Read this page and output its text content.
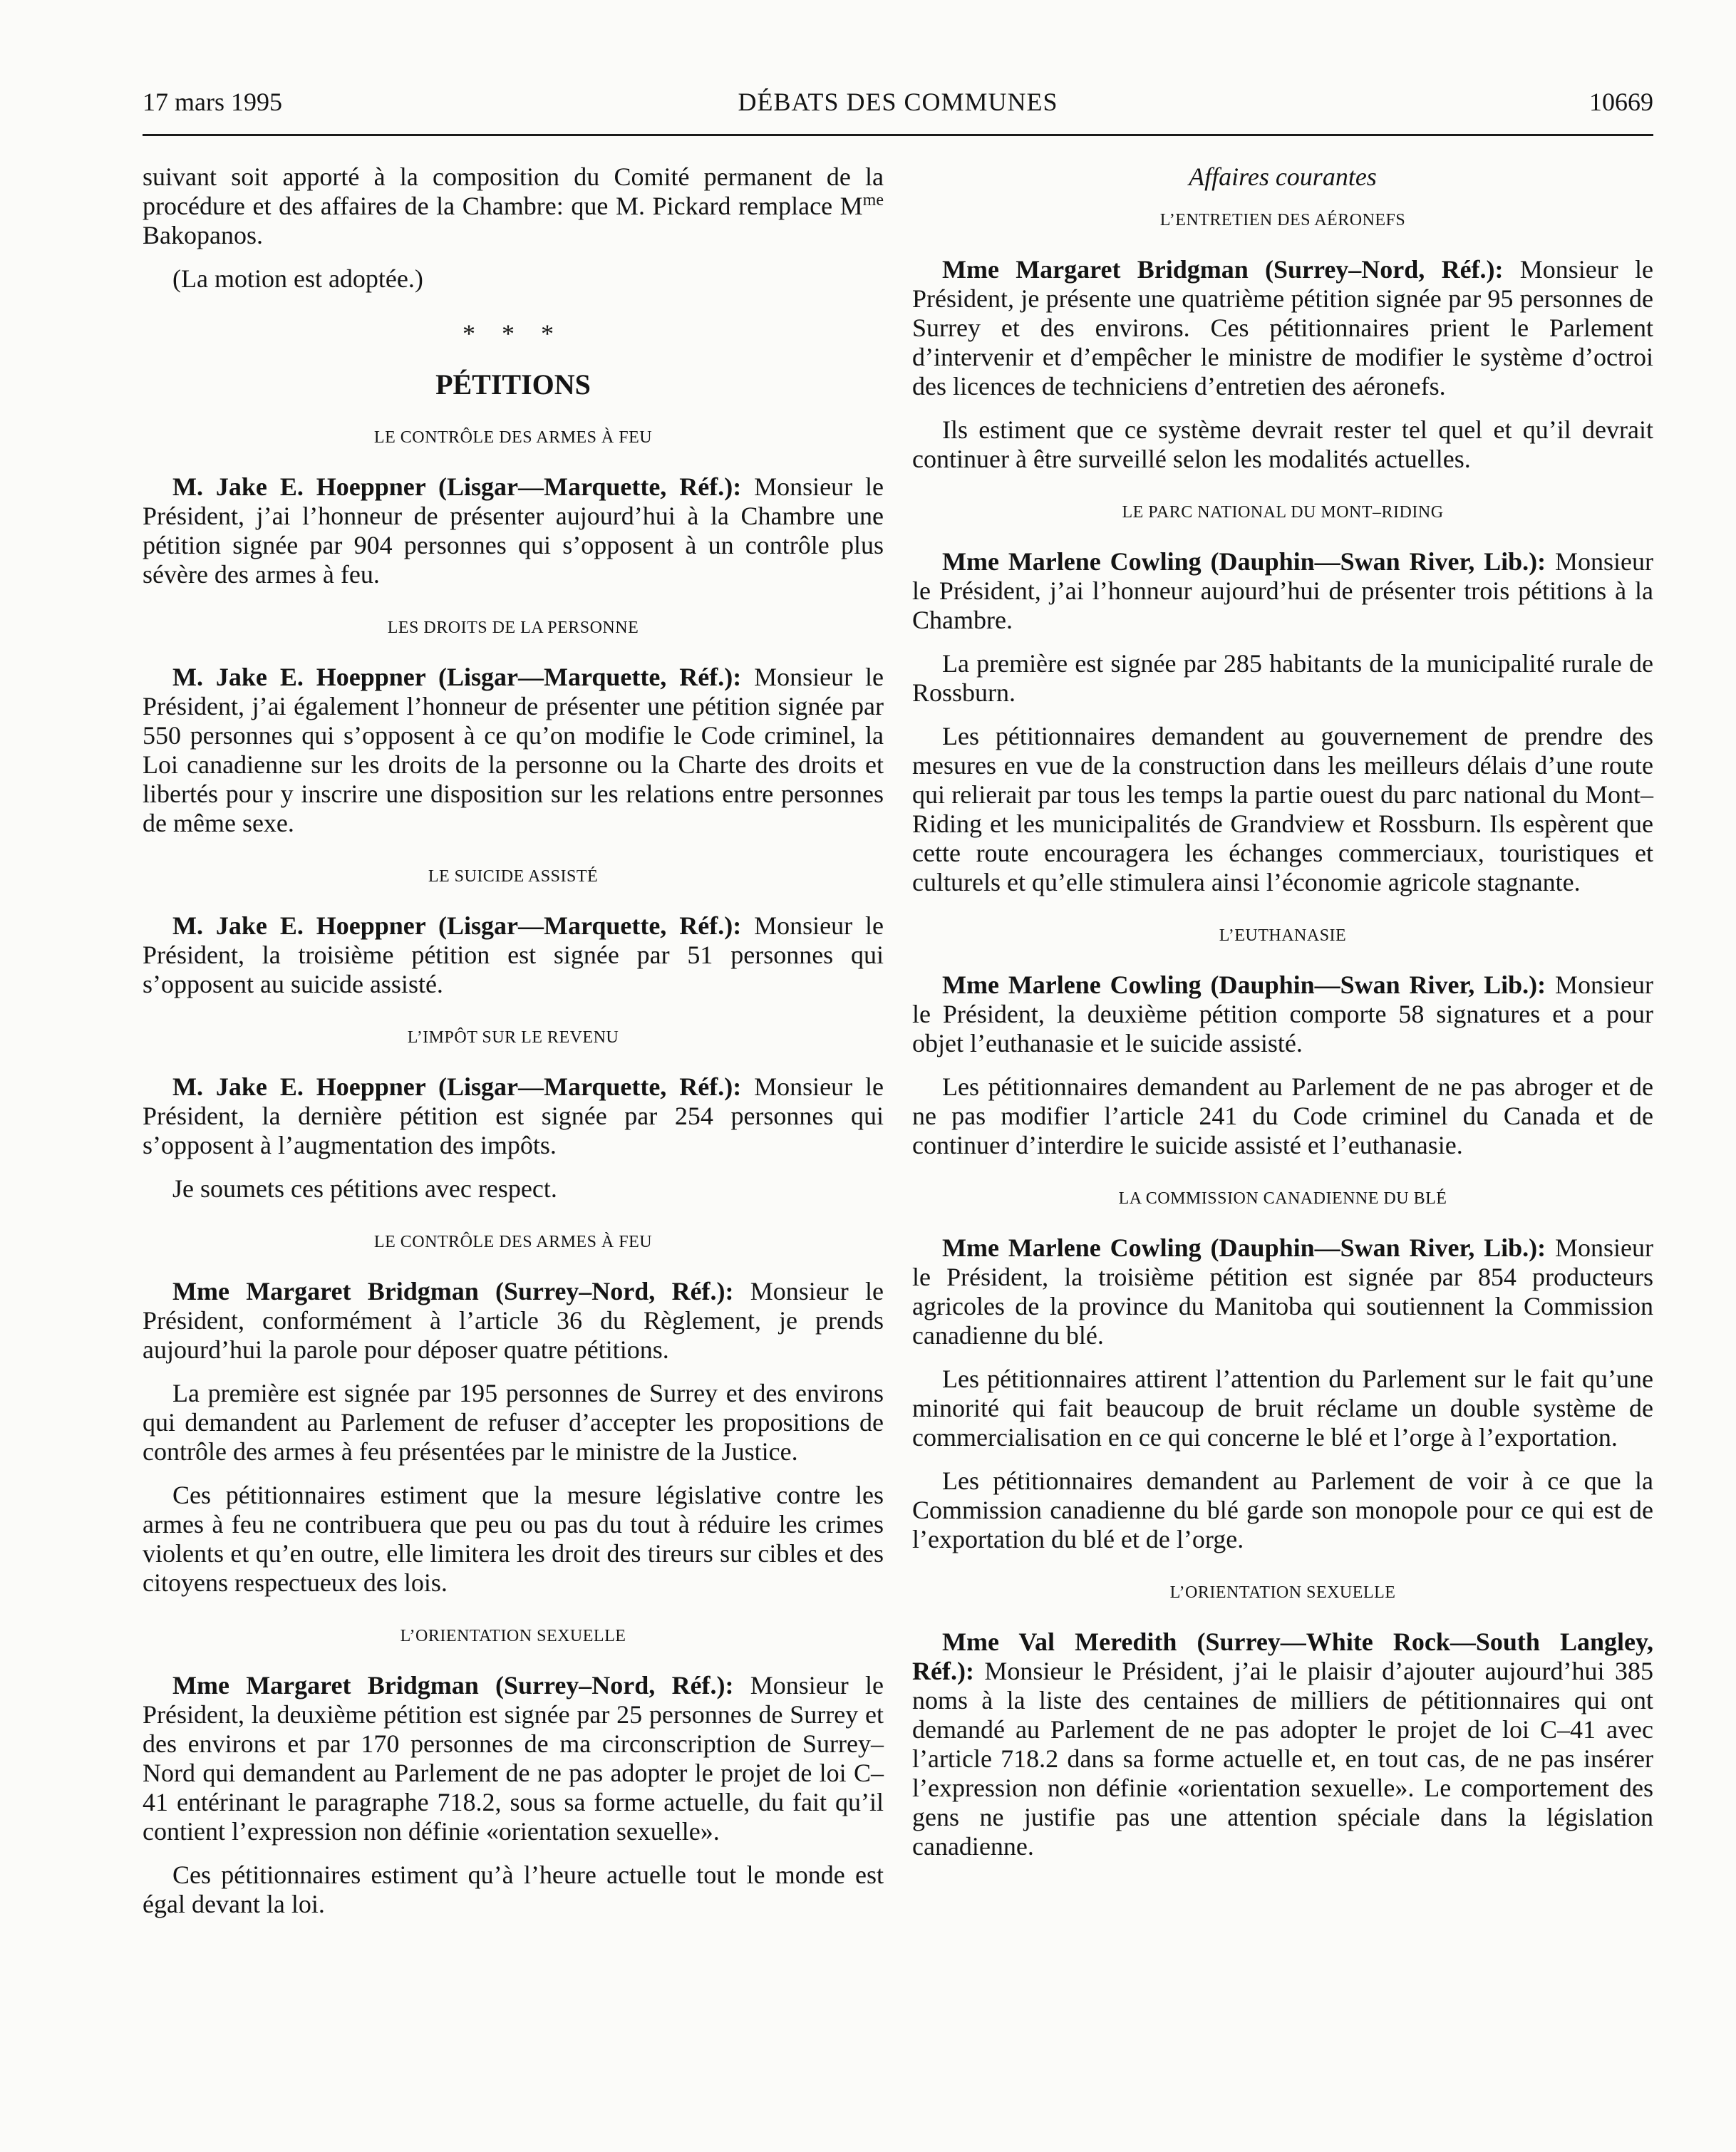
17 mars 1995	DÉBATS DES COMMUNES	10669

suivant soit apporté à la composition du Comité permanent de la procédure et des affaires de la Chambre: que M. Pickard remplace $M^{me}$ Bakopanos.

(La motion est adoptée.)

* * *
PÉTITIONS
LE CONTRÔLE DES ARMES À FEU

M. Jake E. Hoeppner (Lisgar—Marquette, Réf.): Monsieur le Président, j’ai l’honneur de présenter aujourd’hui à la Chambre une pétition signée par 904 personnes qui s’opposent à un contrôle plus sévère des armes à feu.

LES DROITS DE LA PERSONNE

M. Jake E. Hoeppner (Lisgar—Marquette, Réf.): Monsieur le Président, j’ai également l’honneur de présenter une pétition signée par 550 personnes qui s’opposent à ce qu’on modifie le Code criminel, la Loi canadienne sur les droits de la personne ou la Charte des droits et libertés pour y inscrire une disposition sur les relations entre personnes de même sexe.

LE SUICIDE ASSISTÉ

M. Jake E. Hoeppner (Lisgar—Marquette, Réf.): Monsieur le Président, la troisième pétition est signée par 51 personnes qui s’opposent au suicide assisté.

L’IMPÔT SUR LE REVENU

M. Jake E. Hoeppner (Lisgar—Marquette, Réf.): Monsieur le Président, la dernière pétition est signée par 254 personnes qui s’opposent à l’augmentation des impôts.

Je soumets ces pétitions avec respect.

LE CONTRÔLE DES ARMES À FEU

Mme Margaret Bridgman (Surrey–Nord, Réf.): Monsieur le Président, conformément à l’article 36 du Règlement, je prends aujourd’hui la parole pour déposer quatre pétitions.

La première est signée par 195 personnes de Surrey et des environs qui demandent au Parlement de refuser d’accepter les propositions de contrôle des armes à feu présentées par le ministre de la Justice.

Ces pétitionnaires estiment que la mesure législative contre les armes à feu ne contribuera que peu ou pas du tout à réduire les crimes violents et qu’en outre, elle limitera les droit des tireurs sur cibles et des citoyens respectueux des lois.

L’ORIENTATION SEXUELLE

Mme Margaret Bridgman (Surrey–Nord, Réf.): Monsieur le Président, la deuxième pétition est signée par 25 personnes de Surrey et des environs et par 170 personnes de ma circonscription de Surrey–Nord qui demandent au Parlement de ne pas adopter le projet de loi C–41 entérinant le paragraphe 718.2, sous sa forme actuelle, du fait qu’il contient l’expression non définie «orientation sexuelle».

Ces pétitionnaires estiment qu’à l’heure actuelle tout le monde est égal devant la loi.

Affaires courantes
L’ENTRETIEN DES AÉRONEFS

Mme Margaret Bridgman (Surrey–Nord, Réf.): Monsieur le Président, je présente une quatrième pétition signée par 95 personnes de Surrey et des environs. Ces pétitionnaires prient le Parlement d’intervenir et d’empêcher le ministre de modifier le système d’octroi des licences de techniciens d’entretien des aéronefs.

Ils estiment que ce système devrait rester tel quel et qu’il devrait continuer à être surveillé selon les modalités actuelles.

LE PARC NATIONAL DU MONT–RIDING

Mme Marlene Cowling (Dauphin—Swan River, Lib.): Monsieur le Président, j’ai l’honneur aujourd’hui de présenter trois pétitions à la Chambre.

La première est signée par 285 habitants de la municipalité rurale de Rossburn.

Les pétitionnaires demandent au gouvernement de prendre des mesures en vue de la construction dans les meilleurs délais d’une route qui relierait par tous les temps la partie ouest du parc national du Mont–Riding et les municipalités de Grandview et Rossburn. Ils espèrent que cette route encouragera les échanges commerciaux, touristiques et culturels et qu’elle stimulera ainsi l’économie agricole stagnante.

L’EUTHANASIE

Mme Marlene Cowling (Dauphin—Swan River, Lib.): Monsieur le Président, la deuxième pétition comporte 58 signatures et a pour objet l’euthanasie et le suicide assisté.

Les pétitionnaires demandent au Parlement de ne pas abroger et de ne pas modifier l’article 241 du Code criminel du Canada et de continuer d’interdire le suicide assisté et l’euthanasie.

LA COMMISSION CANADIENNE DU BLÉ

Mme Marlene Cowling (Dauphin—Swan River, Lib.): Monsieur le Président, la troisième pétition est signée par 854 producteurs agricoles de la province du Manitoba qui soutiennent la Commission canadienne du blé.

Les pétitionnaires attirent l’attention du Parlement sur le fait qu’une minorité qui fait beaucoup de bruit réclame un double système de commercialisation en ce qui concerne le blé et l’orge à l’exportation.

Les pétitionnaires demandent au Parlement de voir à ce que la Commission canadienne du blé garde son monopole pour ce qui est de l’exportation du blé et de l’orge.

L’ORIENTATION SEXUELLE

Mme Val Meredith (Surrey—White Rock—South Langley, Réf.): Monsieur le Président, j’ai le plaisir d’ajouter aujourd’hui 385 noms à la liste des centaines de milliers de pétitionnaires qui ont demandé au Parlement de ne pas adopter le projet de loi C–41 avec l’article 718.2 dans sa forme actuelle et, en tout cas, de ne pas insérer l’expression non définie «orientation sexuelle». Le comportement des gens ne justifie pas une attention spéciale dans la législation canadienne.
